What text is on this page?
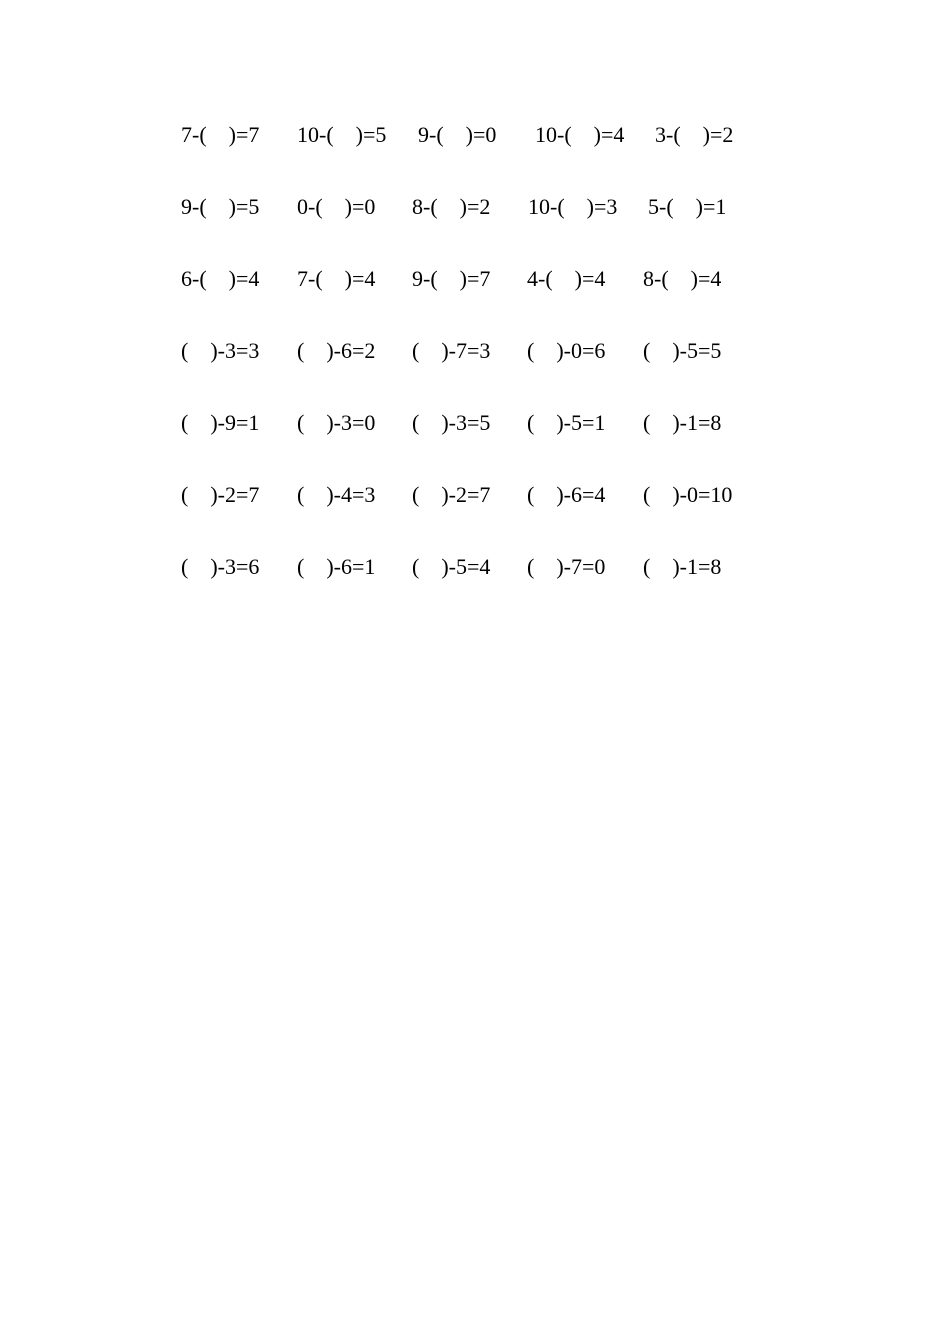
7-(    )=7 10-(    )=5 9-(    )=0 10-(    )=4 3-(    )=2
9-(    )=5 0-(    )=0 8-(    )=2 10-(    )=3 5-(    )=1
6-(    )=4 7-(    )=4 9-(    )=7 4-(    )=4 8-(    )=4
(    )-3=3 (    )-6=2 (    )-7=3 (    )-0=6 (    )-5=5
(    )-9=1 (    )-3=0 (    )-3=5 (    )-5=1 (    )-1=8
(    )-2=7 (    )-4=3 (    )-2=7 (    )-6=4 (    )-0=10
(    )-3=6 (    )-6=1 (    )-5=4 (    )-7=0 (    )-1=8
